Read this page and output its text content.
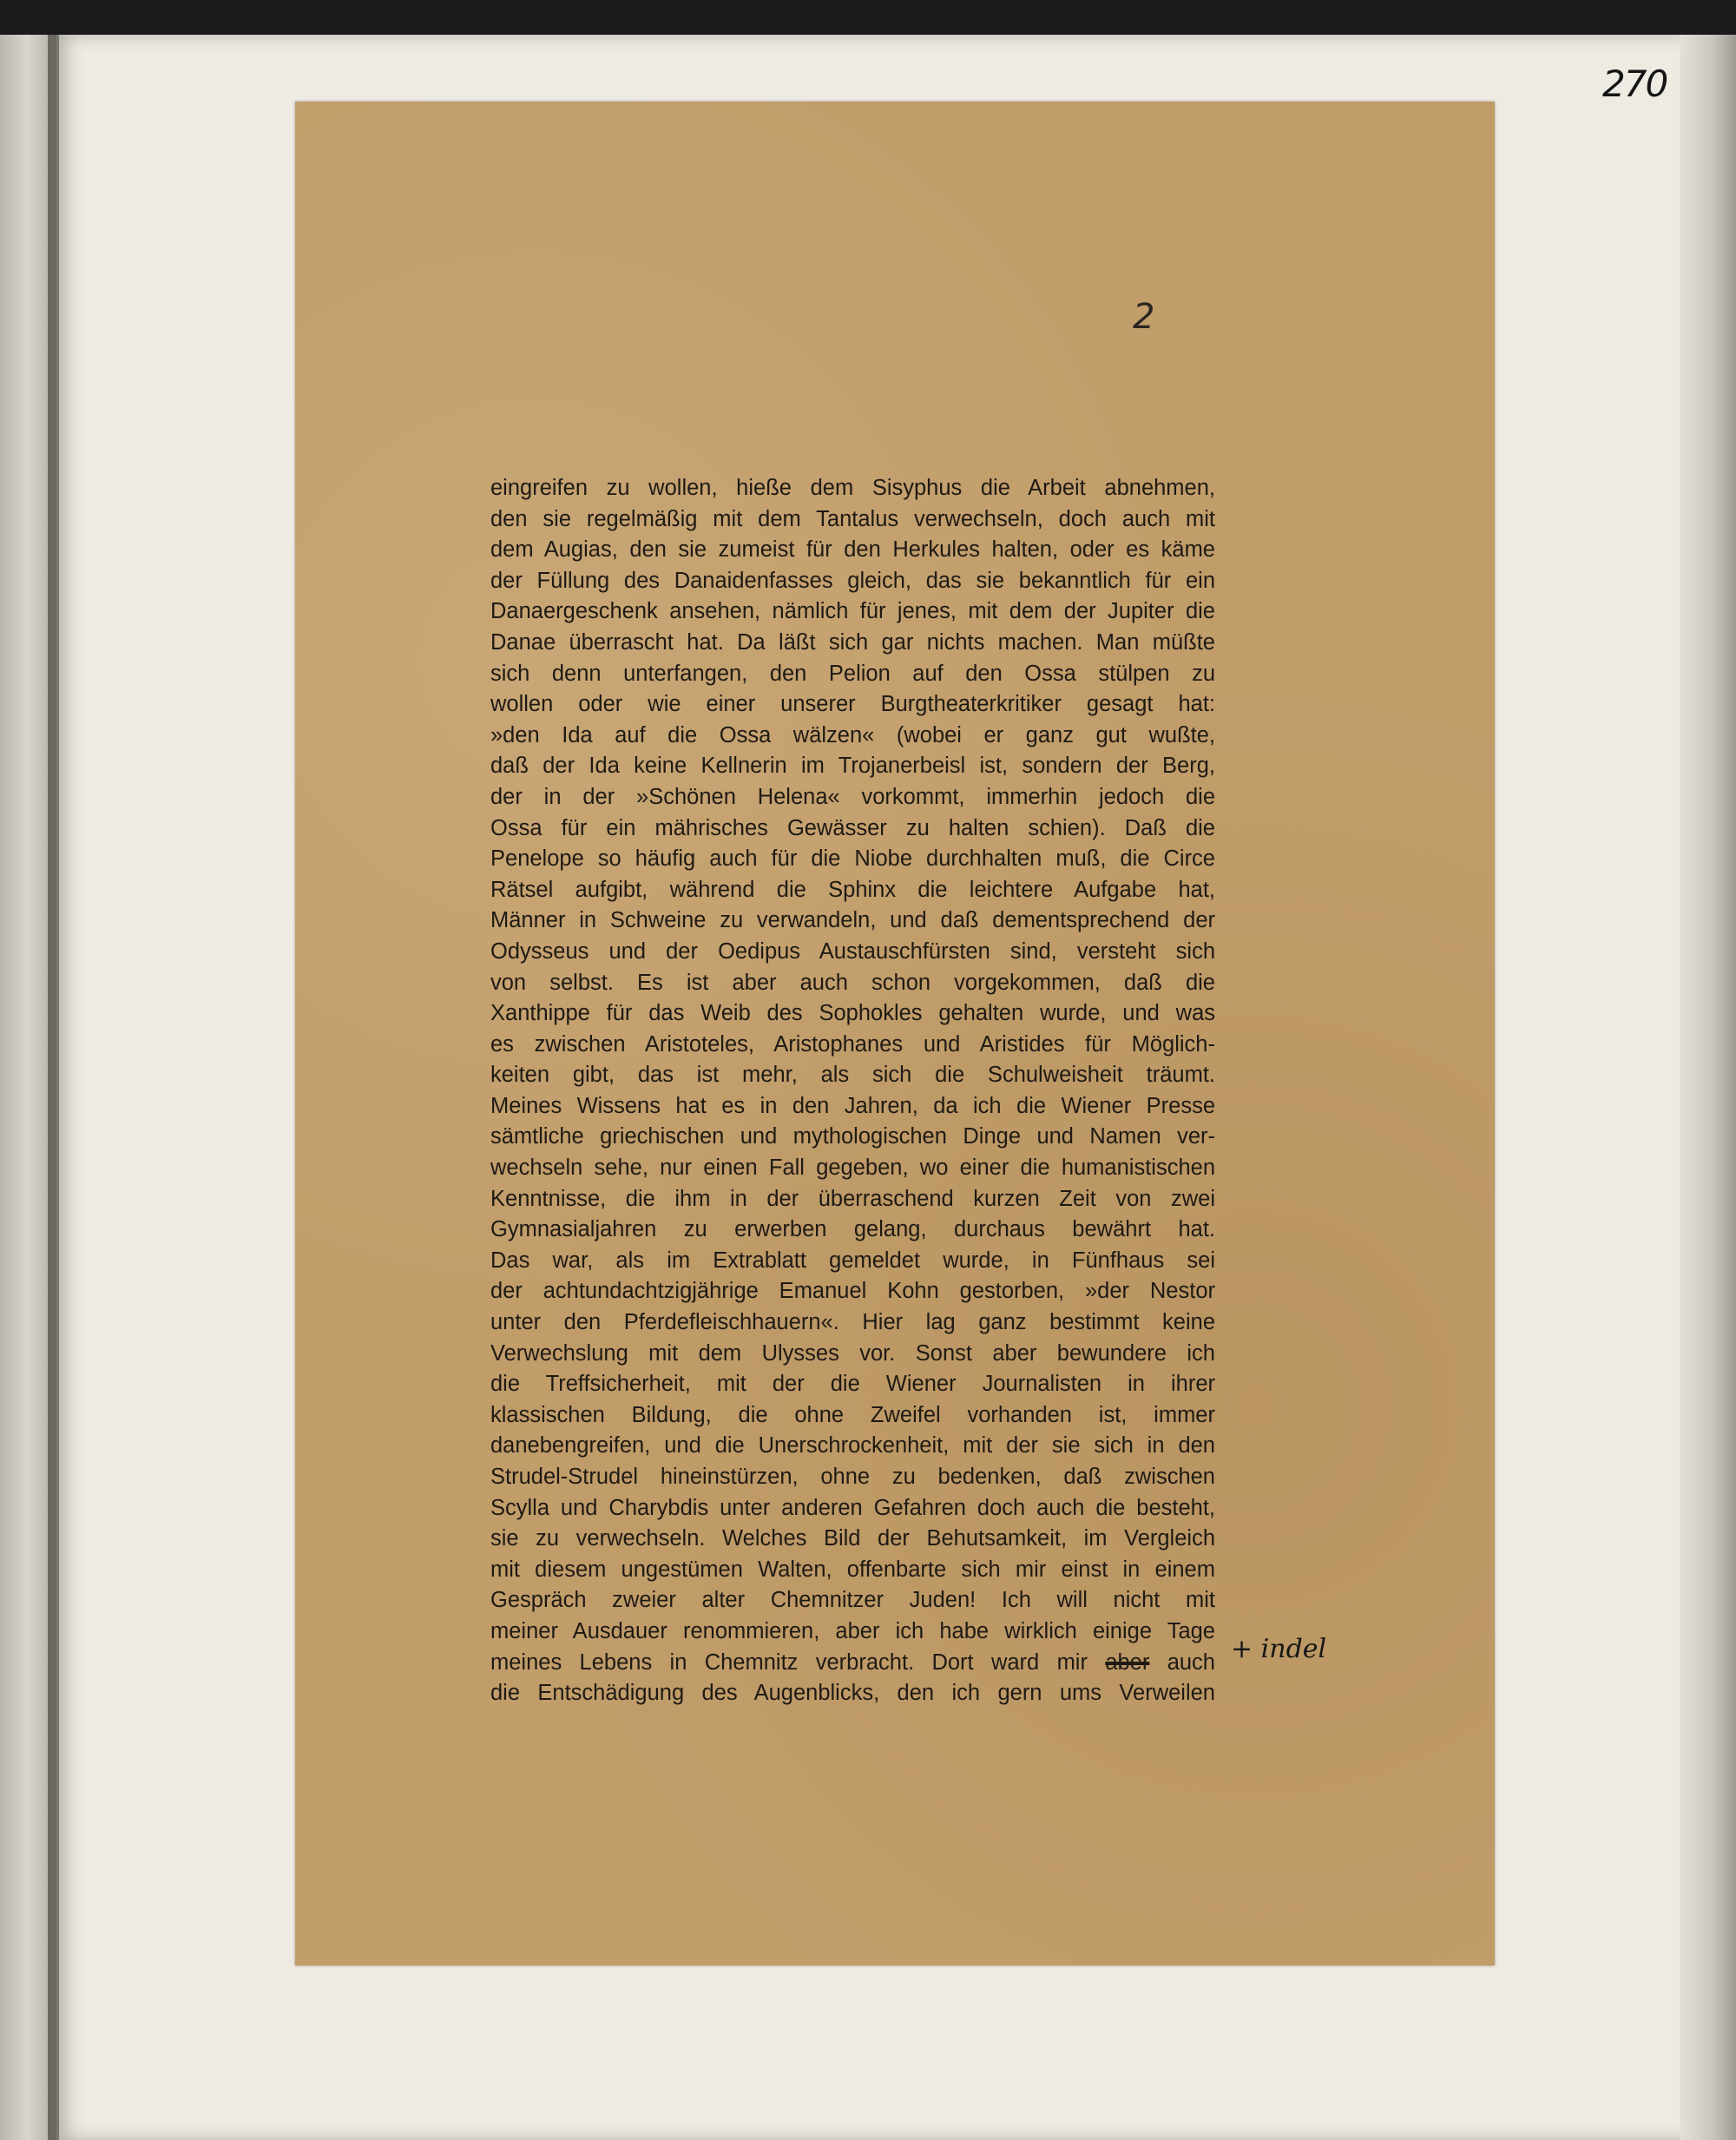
270
2
eingreifen zu wollen, hieße dem Sisyphus die Arbeit abnehmen,
den sie regelmäßig mit dem Tantalus verwechseln, doch auch mit
dem Augias, den sie zumeist für den Herkules halten, oder es käme
der Füllung des Danaidenfasses gleich, das sie bekanntlich für ein
Danaergeschenk ansehen, nämlich für jenes, mit dem der Jupiter die
Danae überrascht hat. Da läßt sich gar nichts machen. Man müßte
sich denn unterfangen, den Pelion auf den Ossa stülpen zu
wollen oder wie einer unserer Burgtheaterkritiker gesagt hat:
»den Ida auf die Ossa wälzen« (wobei er ganz gut wußte,
daß der Ida keine Kellnerin im Trojanerbeisl ist, sondern der Berg,
der in der »Schönen Helena« vorkommt, immerhin jedoch die
Ossa für ein mährisches Gewässer zu halten schien). Daß die
Penelope so häufig auch für die Niobe durchhalten muß, die Circe
Rätsel aufgibt, während die Sphinx die leichtere Aufgabe hat,
Männer in Schweine zu verwandeln, und daß dementsprechend der
Odysseus und der Oedipus Austauschfürsten sind, versteht sich
von selbst. Es ist aber auch schon vorgekommen, daß die
Xanthippe für das Weib des Sophokles gehalten wurde, und was
es zwischen Aristoteles, Aristophanes und Aristides für Möglich-
keiten gibt, das ist mehr, als sich die Schulweisheit träumt.
Meines Wissens hat es in den Jahren, da ich die Wiener Presse
sämtliche griechischen und mythologischen Dinge und Namen ver-
wechseln sehe, nur einen Fall gegeben, wo einer die humanistischen
Kenntnisse, die ihm in der überraschend kurzen Zeit von zwei
Gymnasialjahren zu erwerben gelang, durchaus bewährt hat.
Das war, als im Extrablatt gemeldet wurde, in Fünfhaus sei
der achtundachtzigjährige Emanuel Kohn gestorben, »der Nestor
unter den Pferdefleischhauern«. Hier lag ganz bestimmt keine
Verwechslung mit dem Ulysses vor. Sonst aber bewundere ich
die Treffsicherheit, mit der die Wiener Journalisten in ihrer
klassischen Bildung, die ohne Zweifel vorhanden ist, immer
danebengreifen, und die Unerschrockenheit, mit der sie sich in den
Strudel-Strudel hineinstürzen, ohne zu bedenken, daß zwischen
Scylla und Charybdis unter anderen Gefahren doch auch die besteht,
sie zu verwechseln. Welches Bild der Behutsamkeit, im Vergleich
mit diesem ungestümen Walten, offenbarte sich mir einst in einem
Gespräch zweier alter Chemnitzer Juden! Ich will nicht mit
meiner Ausdauer renommieren, aber ich habe wirklich einige Tage
meines Lebens in Chemnitz verbracht. Dort ward mir aber auch
die Entschädigung des Augenblicks, den ich gern ums Verweilen
+ indel
